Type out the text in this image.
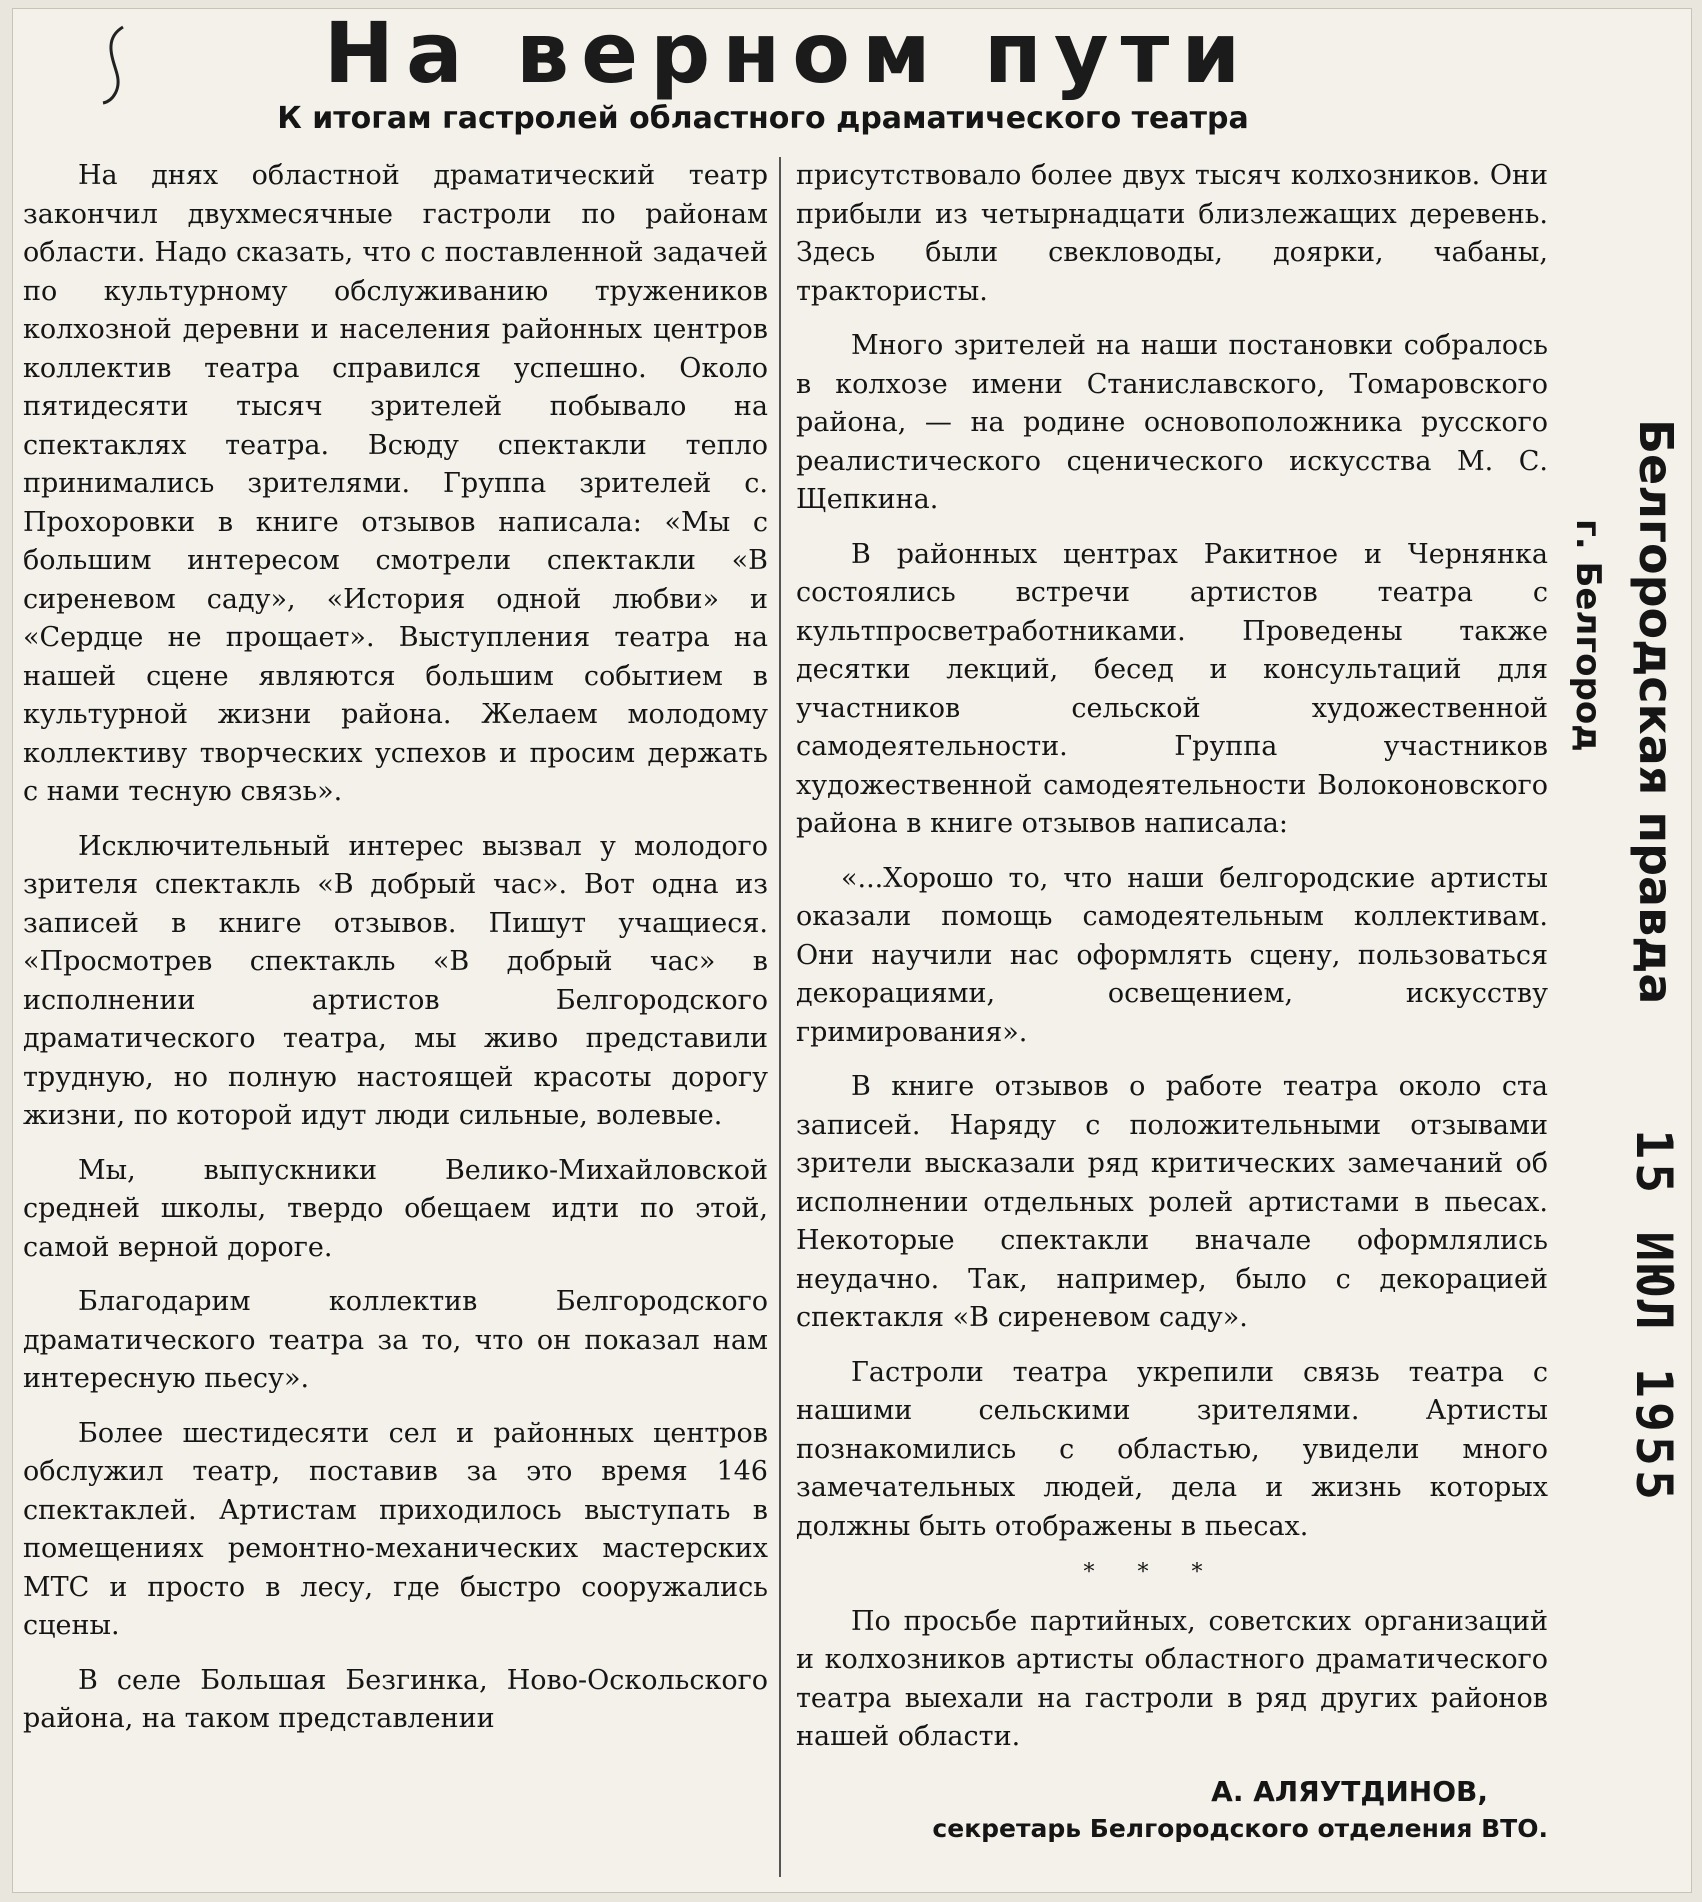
На верном пути
К итогам гастролей областного драматического театра

На днях областной драматический театр закончил двухмесячные гастроли по районам области. Надо сказать, что с поставленной задачей по культурному обслуживанию тружеников колхозной деревни и населения районных центров коллектив театра справился успешно. Около пятидесяти тысяч зрителей побывало на спектаклях театра. Всюду спектакли тепло принимались зрителями. Группа зрителей с. Прохоровки в книге отзывов написала: «Мы с большим интересом смотрели спектакли «В сиреневом саду», «История одной любви» и «Сердце не прощает». Выступления театра на нашей сцене являются большим событием в культурной жизни района. Желаем молодому коллективу творческих успехов и просим держать с нами тесную связь».

Исключительный интерес вызвал у молодого зрителя спектакль «В добрый час». Вот одна из записей в книге отзывов. Пишут учащиеся. «Просмотрев спектакль «В добрый час» в исполнении артистов Белгородского драматического театра, мы живо представили трудную, но полную настоящей красоты дорогу жизни, по которой идут люди сильные, волевые.

Мы, выпускники Велико-Михайловской средней школы, твердо обещаем идти по этой, самой верной дороге.

Благодарим коллектив Белгородского драматического театра за то, что он показал нам интересную пьесу».

Более шестидесяти сел и районных центров обслужил театр, поставив за это время 146 спектаклей. Артистам приходилось выступать в помещениях ремонтно-механических мастерских МТС и просто в лесу, где быстро сооружались сцены.

В селе Большая Безгинка, Ново-Оскольского района, на таком представлении

присутствовало более двух тысяч колхозников. Они прибыли из четырнадцати близлежащих деревень. Здесь были свекловоды, доярки, чабаны, трактористы.

Много зрителей на наши постановки собралось в колхозе имени Станиславского, Томаровского района, — на родине основоположника русского реалистического сценического искусства М. С. Щепкина.

В районных центрах Ракитное и Чернянка состоялись встречи артистов театра с культпросветработниками. Проведены также десятки лекций, бесед и консультаций для участников сельской художественной самодеятельности. Группа участников художественной самодеятельности Волоконовского района в книге отзывов написала:

«...Хорошо то, что наши белгородские артисты оказали помощь самодеятельным коллективам. Они научили нас оформлять сцену, пользоваться декорациями, освещением, искусству гримирования».

В книге отзывов о работе театра около ста записей. Наряду с положительными отзывами зрители высказали ряд критических замечаний об исполнении отдельных ролей артистами в пьесах. Некоторые спектакли вначале оформлялись неудачно. Так, например, было с декорацией спектакля «В сиреневом саду».

Гастроли театра укрепили связь театра с нашими сельскими зрителями. Артисты познакомились с областью, увидели много замечательных людей, дела и жизнь которых должны быть отображены в пьесах.

* * *

По просьбе партийных, советских организаций и колхозников артисты областного драматического театра выехали на гастроли в ряд других районов нашей области.

А. АЛЯУТДИНОВ,
секретарь Белгородского отделения ВТО.
Белгородская правда
г. Белгород
15 ИЮЛ 1955
